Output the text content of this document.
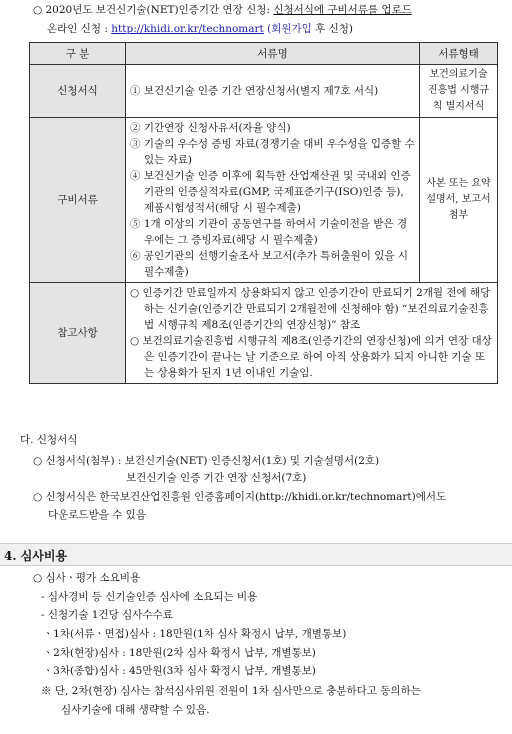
○ 2020년도 보건신기술(NET)인증기간 연장 신청: 신청서식에 구비서류를 업로드
온라인 신청 : http://khidi.or.kr/technomart (회원가입 후 신청)
구 분	서류명	서류형태
신청서식	① 보건신기술 인증 기간 연장신청서(별지 제7호 서식)	보건의료기술 진흥법 시행규칙 별지서식
구비서류	② 기간연장 신청사유서(자율 양식)
③ 기술의 우수성 증빙 자료(경쟁기술 대비 우수성을 입증할 수 있는 자료)
④ 보건신기술 인증 이후에 획득한 산업재산권 및 국내외 인증기관의 인증실적자료(GMP, 국제표준기구(ISO)인증 등), 제품시험성적서(해당 시 필수제출)
⑤ 1개 이상의 기관이 공동연구를 하여서 기술이전을 받은 경우에는 그 증빙자료(해당 시 필수제출)
⑥ 공인기관의 선행기술조사 보고서(추가 특허출원이 있을 시 필수제출)	사본 또는 요약설명서, 보고서 첨부
참고사항	○ 인증기간 만료일까지 상용화되지 않고 인증기간이 만료되기 2개월 전에 해당하는 신기술(인증기간 만료되기 2개월전에 신청해야 함) “보건의료기술진흥법 시행규칙 제8조(인증기간의 연장신청)” 참조
○ 보건의료기술진흥법 시행규칙 제8조(인증기간의 연장신청)에 의거 연장 대상은 인증기간이 끝나는 날 기준으로 하여 아직 상용화가 되지 아니한 기술 또는 상용화가 된지 1년 이내인 기술임.	
다. 신청서식
○ 신청서식(첨부) : 보건신기술(NET) 인증신청서(1호) 및 기술설명서(2호)
보건신기술 인증 기간 연장 신청서(7호)
○ 신청서식은 한국보건산업진흥원 인증홈페이지(http://khidi.or.kr/technomart)에서도
다운로드받을 수 있음
4. 심사비용
○ 심사ㆍ평가 소요비용
- 심사경비 등 신기술인증 심사에 소요되는 비용
- 신청기술 1건당 심사수수료
ㆍ1차(서류ㆍ면접)심사 : 18만원(1차 심사 확정시 납부, 개별통보)
ㆍ2차(현장)심사 : 18만원(2차 심사 확정시 납부, 개별통보)
ㆍ3차(종합)심사 : 45만원(3차 심사 확정시 납부, 개별통보)
※ 단, 2차(현장) 심사는 참석심사위원 전원이 1차 심사만으로 충분하다고 동의하는
심사기술에 대해 생략할 수 있음.
